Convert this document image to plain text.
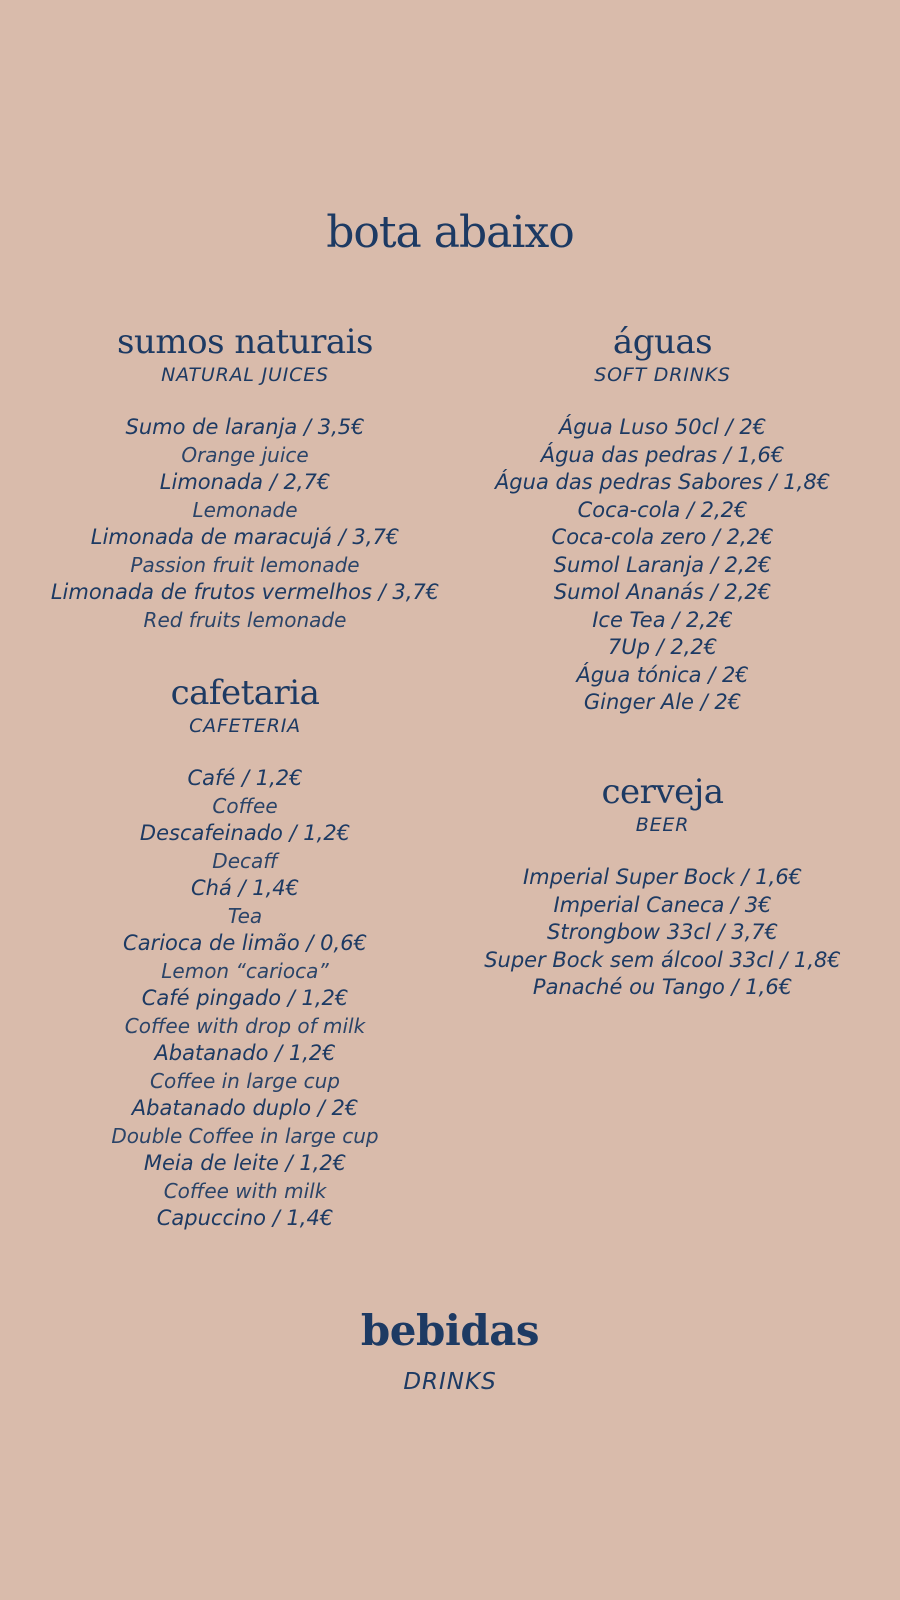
bota abaixo
sumos naturais
NATURAL JUICES
Sumo de laranja / 3,5€
Orange juice
Limonada / 2,7€
Lemonade
Limonada de maracujá / 3,7€
Passion fruit lemonade
Limonada de frutos vermelhos / 3,7€
Red fruits lemonade
cafetaria
CAFETERIA
Café / 1,2€
Coffee
Descafeinado / 1,2€
Decaff
Chá / 1,4€
Tea
Carioca de limão / 0,6€
Lemon “carioca”
Café pingado / 1,2€
Coffee with drop of milk
Abatanado / 1,2€
Coffee in large cup
Abatanado duplo / 2€
Double Coffee in large cup
Meia de leite / 1,2€
Coffee with milk
Capuccino / 1,4€
águas
SOFT DRINKS
Água Luso 50cl / 2€
Água das pedras / 1,6€
Água das pedras Sabores / 1,8€
Coca-cola / 2,2€
Coca-cola zero / 2,2€
Sumol Laranja / 2,2€
Sumol Ananás / 2,2€
Ice Tea / 2,2€
7Up / 2,2€
Água tónica / 2€
Ginger Ale / 2€
cerveja
BEER
Imperial Super Bock / 1,6€
Imperial Caneca / 3€
Strongbow 33cl / 3,7€
Super Bock sem álcool 33cl / 1,8€
Panaché ou Tango / 1,6€
bebidas
DRINKS
